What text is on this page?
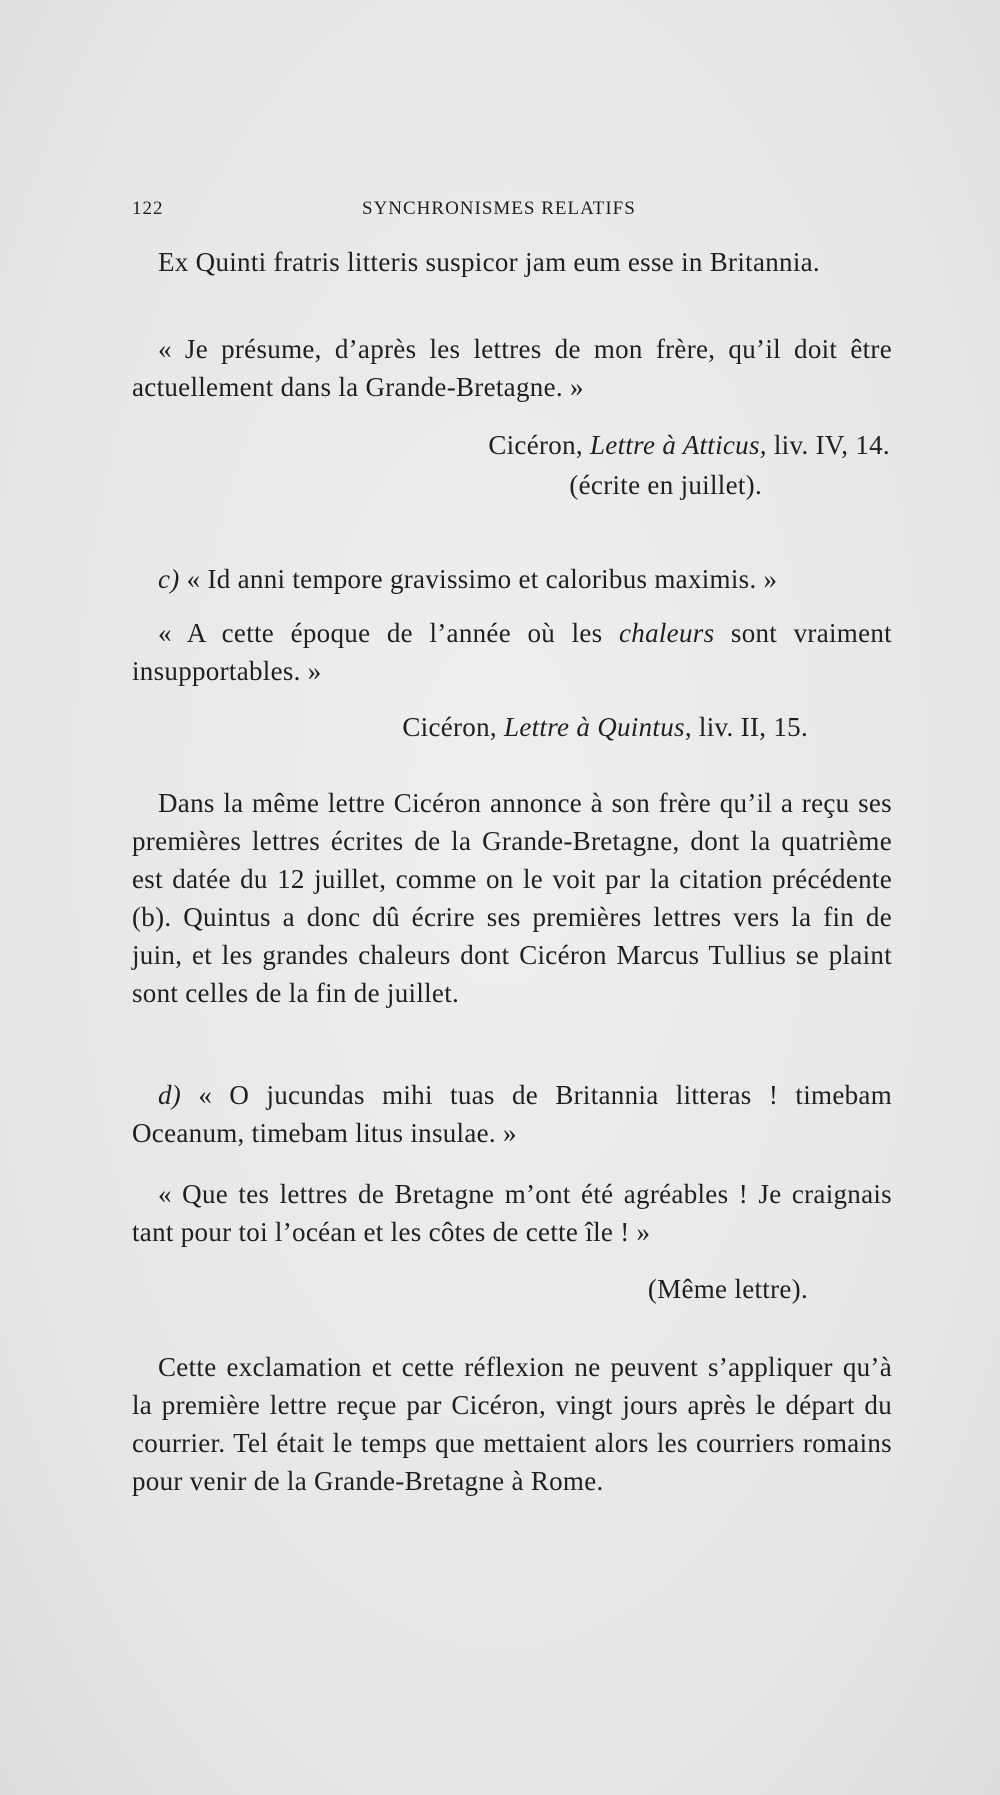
122	SYNCHRONISMES RELATIFS
Ex Quinti fratris litteris suspicor jam eum esse in Britannia.
« Je présume, d’après les lettres de mon frère, qu’il doit être actuellement dans la Grande-Bretagne. »
Cicéron, Lettre à Atticus, liv. IV, 14.
(écrite en juillet).
c) « Id anni tempore gravissimo et caloribus maximis. »
« A cette époque de l’année où les chaleurs sont vraiment insupportables. »
Cicéron, Lettre à Quintus, liv. II, 15.
Dans la même lettre Cicéron annonce à son frère qu’il a reçu ses premières lettres écrites de la Grande-Bretagne, dont la quatrième est datée du 12 juillet, comme on le voit par la citation précédente (b). Quintus a donc dû écrire ses premières lettres vers la fin de juin, et les grandes chaleurs dont Cicéron Marcus Tullius se plaint sont celles de la fin de juillet.
d) « O jucundas mihi tuas de Britannia litteras ! timebam Oceanum, timebam litus insulae. »
« Que tes lettres de Bretagne m’ont été agréables ! Je craignais tant pour toi l’océan et les côtes de cette île ! »
(Même lettre).
Cette exclamation et cette réflexion ne peuvent s’appliquer qu’à la première lettre reçue par Cicéron, vingt jours après le départ du courrier. Tel était le temps que mettaient alors les courriers romains pour venir de la Grande-Bretagne à Rome.
